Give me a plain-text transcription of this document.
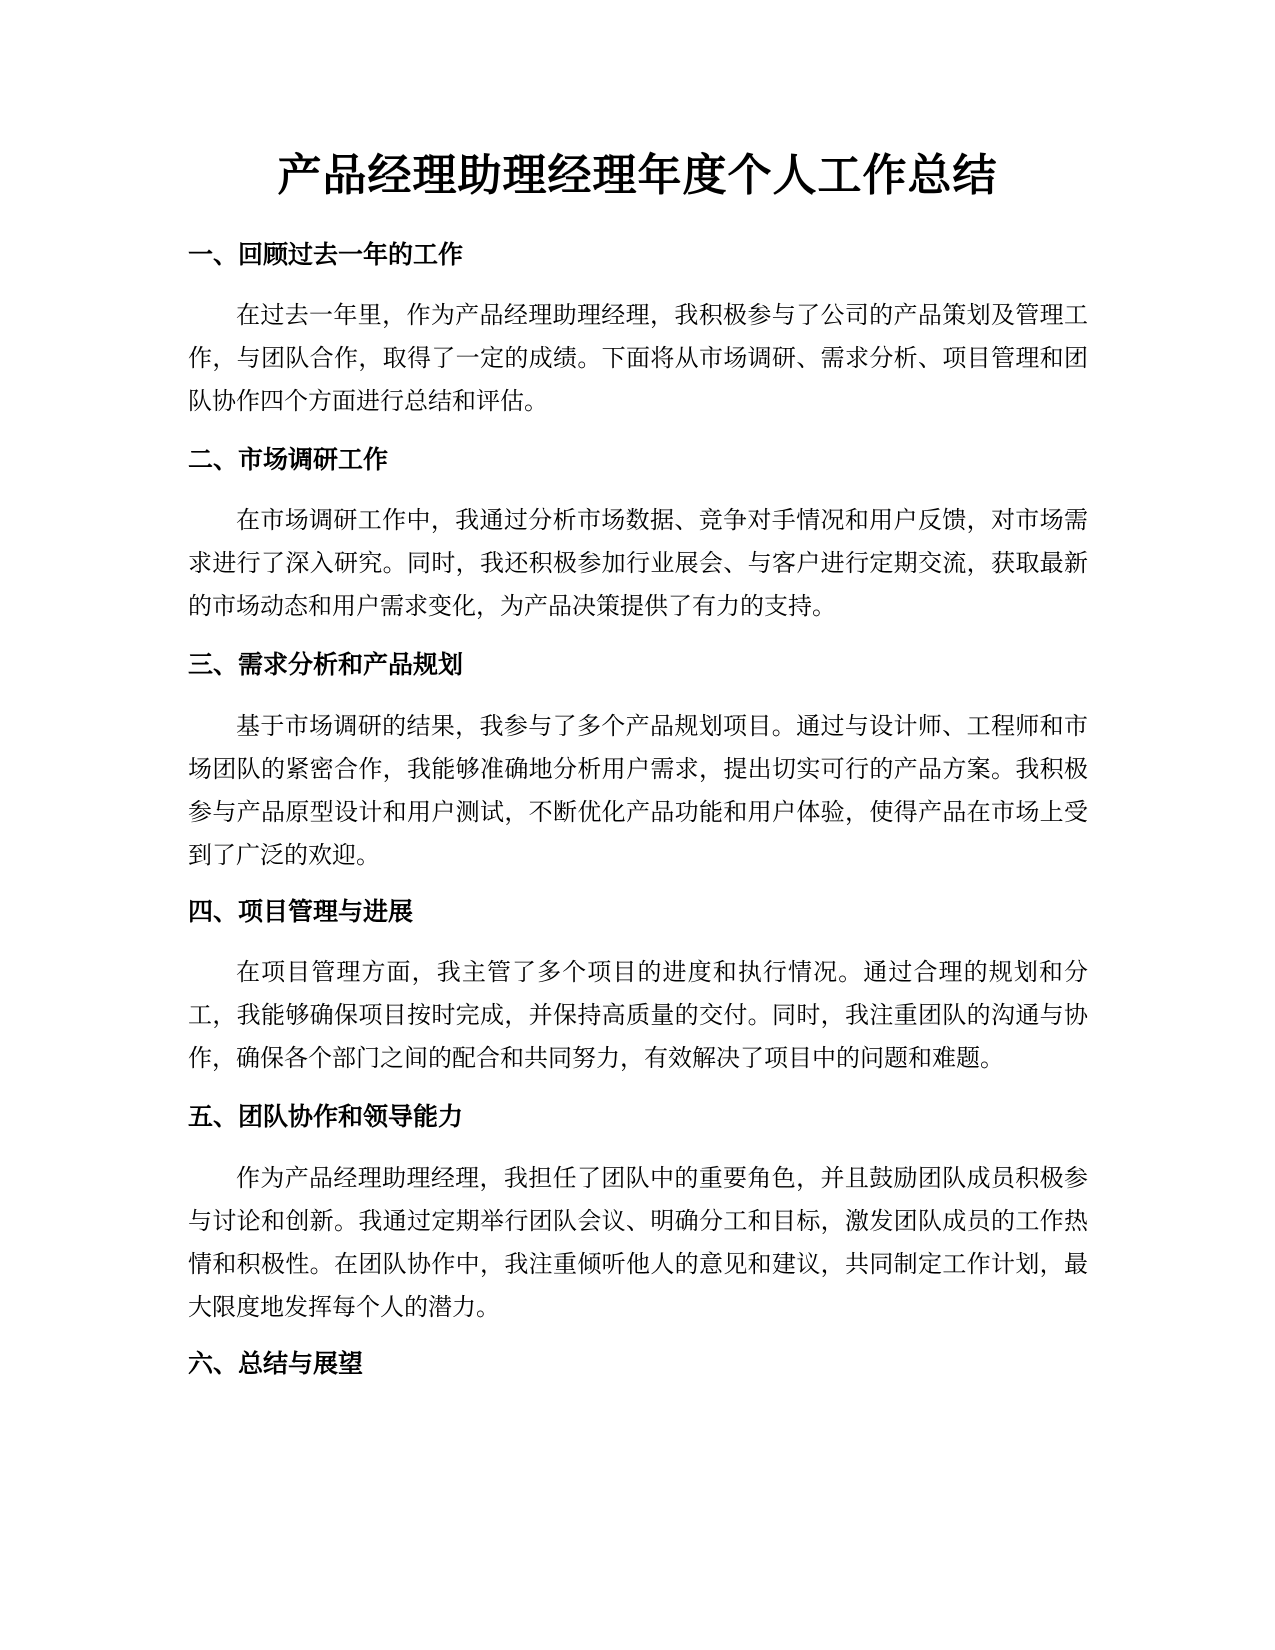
产品经理助理经理年度个人工作总结
一、回顾过去一年的工作

在过去一年里，作为产品经理助理经理，我积极参与了公司的产品策划及管理工作，与团队合作，取得了一定的成绩。下面将从市场调研、需求分析、项目管理和团队协作四个方面进行总结和评估。

二、市场调研工作

在市场调研工作中，我通过分析市场数据、竞争对手情况和用户反馈，对市场需求进行了深入研究。同时，我还积极参加行业展会、与客户进行定期交流，获取最新的市场动态和用户需求变化，为产品决策提供了有力的支持。

三、需求分析和产品规划

基于市场调研的结果，我参与了多个产品规划项目。通过与设计师、工程师和市场团队的紧密合作，我能够准确地分析用户需求，提出切实可行的产品方案。我积极参与产品原型设计和用户测试，不断优化产品功能和用户体验，使得产品在市场上受到了广泛的欢迎。

四、项目管理与进展

在项目管理方面，我主管了多个项目的进度和执行情况。通过合理的规划和分工，我能够确保项目按时完成，并保持高质量的交付。同时，我注重团队的沟通与协作，确保各个部门之间的配合和共同努力，有效解决了项目中的问题和难题。

五、团队协作和领导能力

作为产品经理助理经理，我担任了团队中的重要角色，并且鼓励团队成员积极参与讨论和创新。我通过定期举行团队会议、明确分工和目标，激发团队成员的工作热情和积极性。在团队协作中，我注重倾听他人的意见和建议，共同制定工作计划，最大限度地发挥每个人的潜力。

六、总结与展望
